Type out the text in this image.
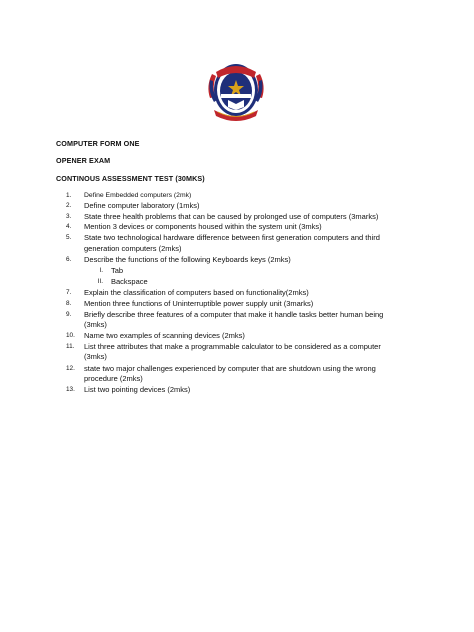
COMPUTER FORM ONE
OPENER EXAM
CONTINOUS ASSESSMENT TEST (30MKS)
1.	Define Embedded computers (2mk)
2.	Define computer laboratory (1mks)
3.	State three health problems that can be caused by prolonged use of computers (3marks)
4.	Mention 3 devices or components housed within the system unit (3mks)
5.	State two technological hardware difference between first generation computers and third
generation computers (2mks)
6.	Describe the functions of the following Keyboards keys (2mks)
I. Tab
II. Backspace
7.	Explain the classification of computers based on functionality(2mks)
8.	Mention three functions of Uninterruptible power supply unit (3marks)
9.	Briefly describe three features of a computer that make it handle tasks better human being
(3mks)
10.	Name two examples of scanning devices (2mks)
11.	List three attributes that make a programmable calculator to be considered as a computer
(3mks)
12.	state two major challenges experienced by computer that are shutdown using the wrong
procedure (2mks)
13.	List two pointing devices (2mks)
